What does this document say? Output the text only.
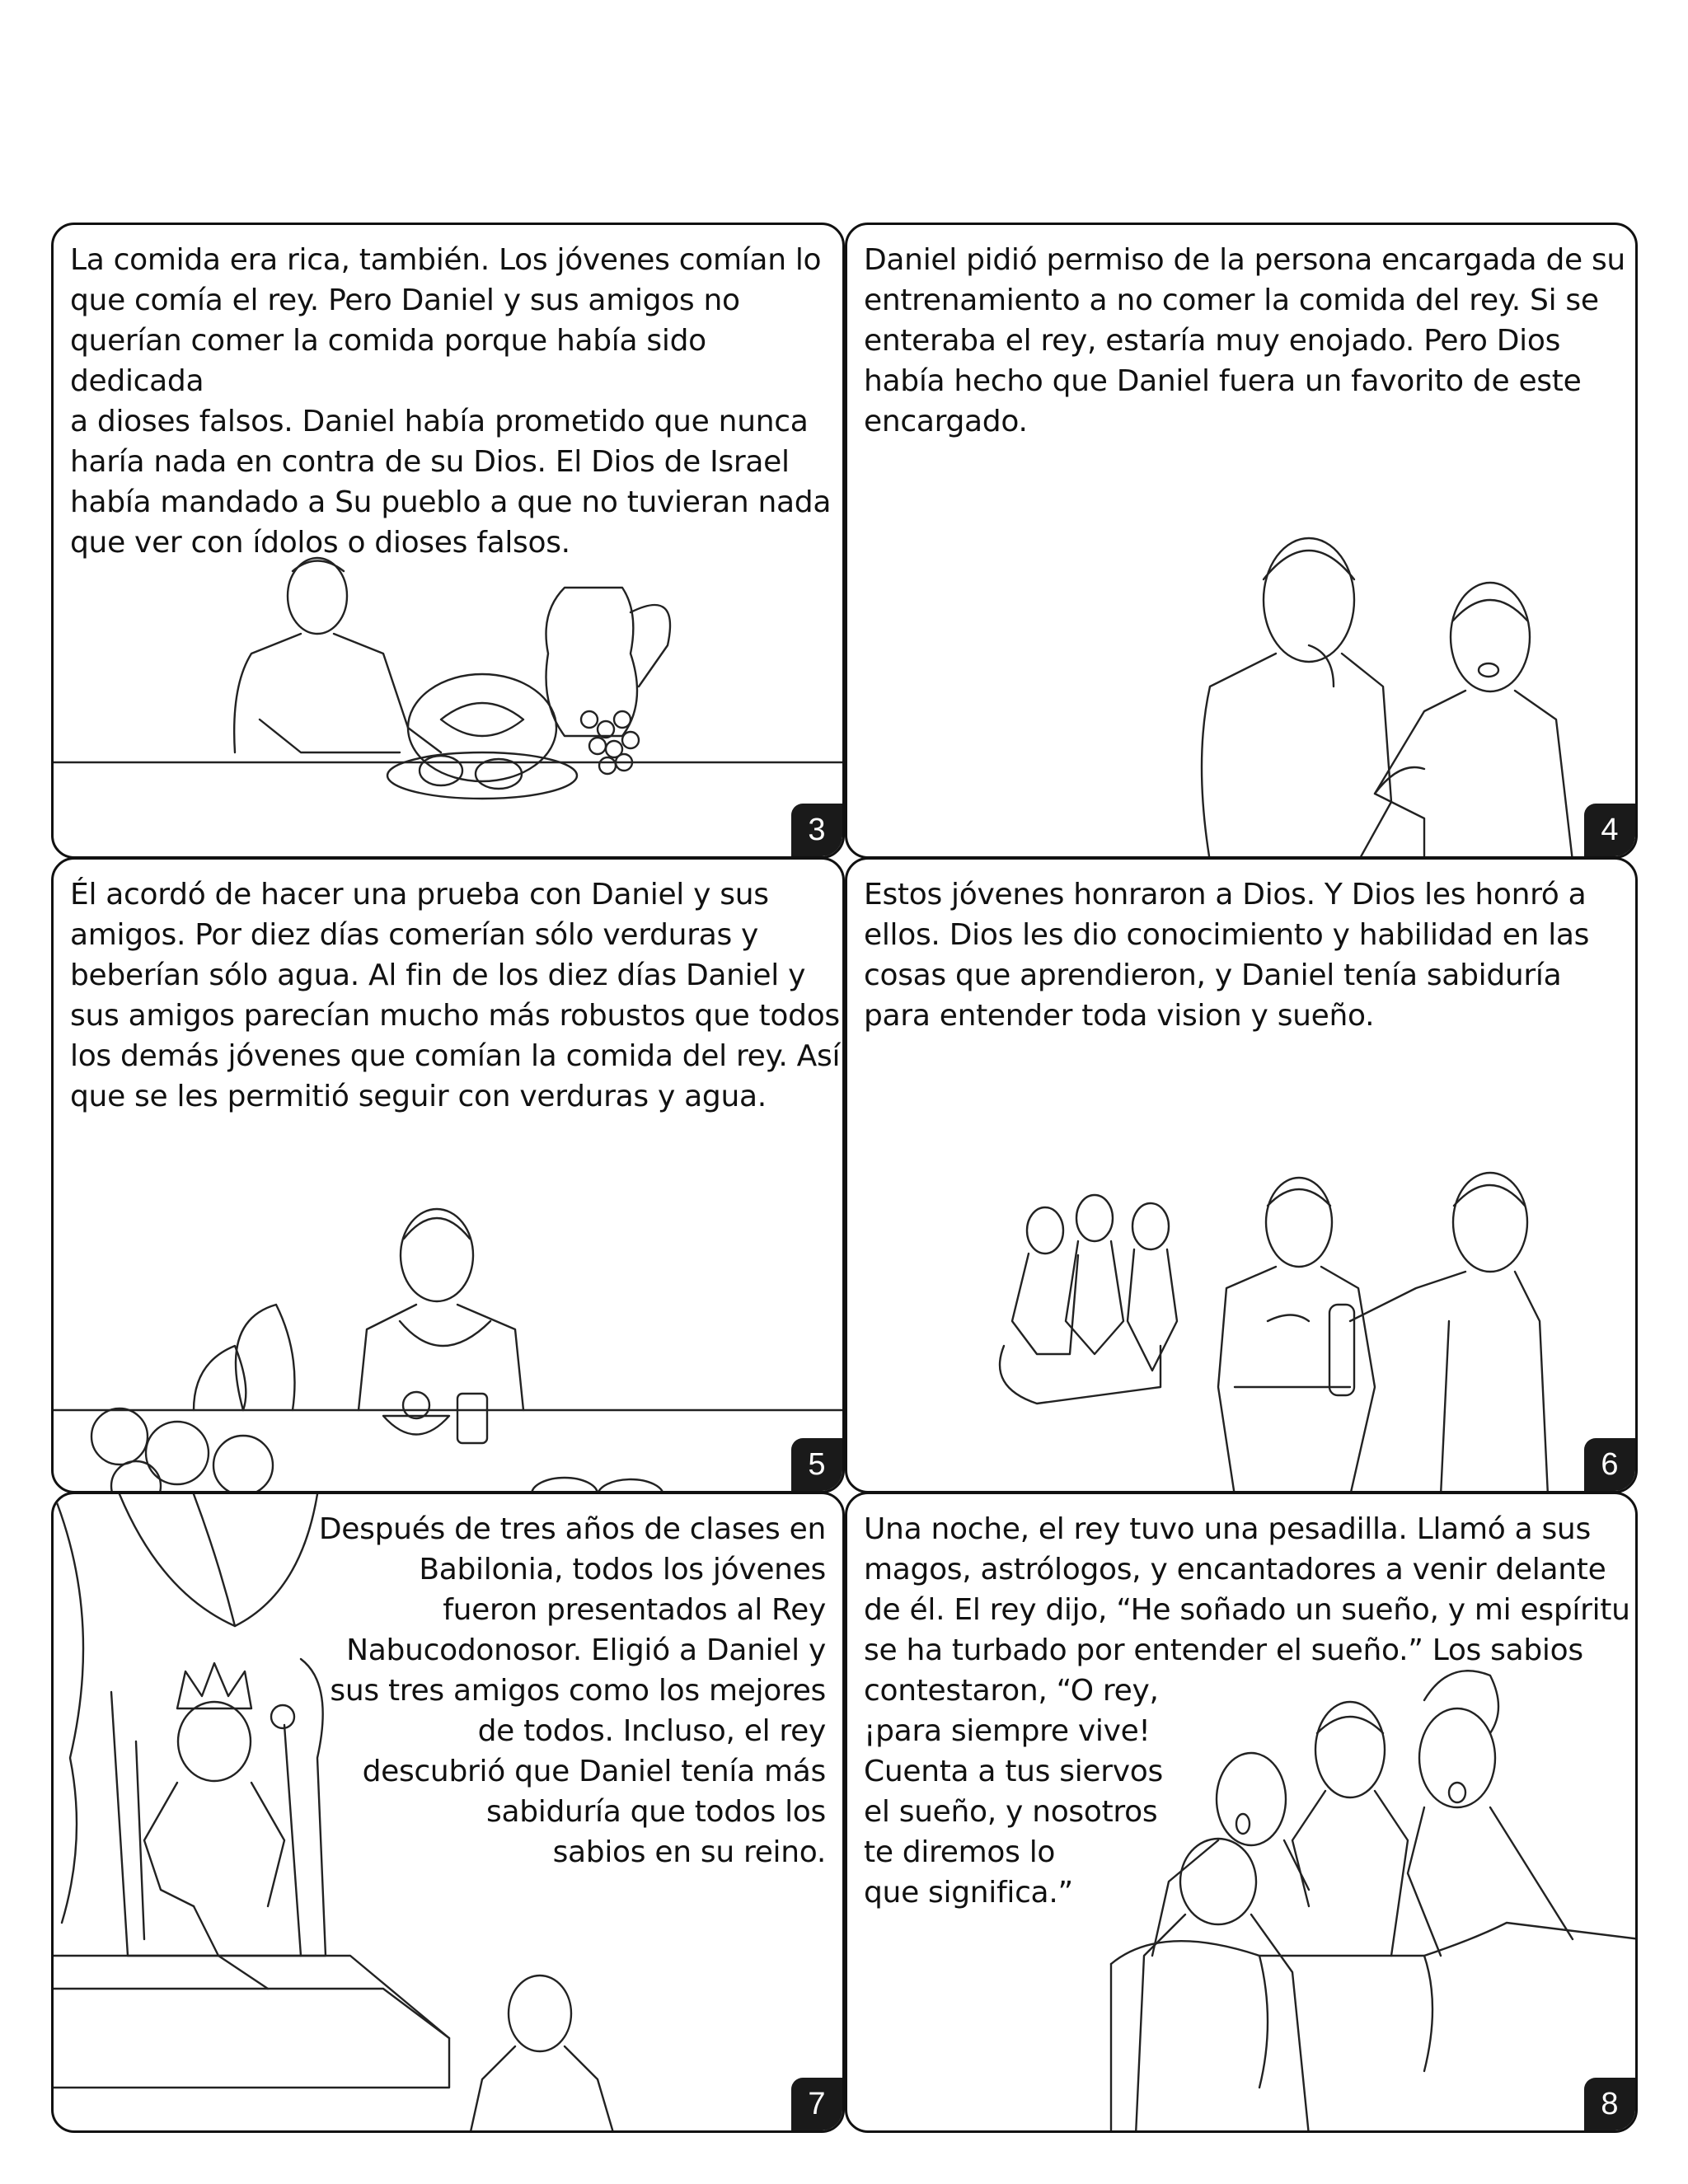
La comida era rica, también. Los jóvenes comían lo
que comía el rey. Pero Daniel y sus amigos no
querían comer la comida porque había sido dedicada
a dioses falsos. Daniel había prometido que nunca
haría nada en contra de su Dios. El Dios de Israel
había mandado a Su pueblo a que no tuvieran nada
que ver con ídolos o dioses falsos.
3
Daniel pidió permiso de la persona encargada de su
entrenamiento a no comer la comida del rey. Si se
enteraba el rey, estaría muy enojado. Pero Dios
había hecho que Daniel fuera un favorito de este
encargado.
4
Él acordó de hacer una prueba con Daniel y sus
amigos. Por diez días comerían sólo verduras y
beberían sólo agua. Al fin de los diez días Daniel y
sus amigos parecían mucho más robustos que todos
los demás jóvenes que comían la comida del rey. Así
que se les permitió seguir con verduras y agua.
5
Estos jóvenes honraron a Dios. Y Dios les honró a
ellos. Dios les dio conocimiento y habilidad en las
cosas que aprendieron, y Daniel tenía sabiduría
para entender toda vision y sueño.
6
Después de tres años de clases en
Babilonia, todos los jóvenes
fueron presentados al Rey
Nabucodonosor. Eligió a Daniel y
sus tres amigos como los mejores
de todos. Incluso, el rey
descubrió que Daniel tenía más
sabiduría que todos los
sabios en su reino.
7
Una noche, el rey tuvo una pesadilla. Llamó a sus
magos, astrólogos, y encantadores a venir delante
de él. El rey dijo, “He soñado un sueño, y mi espíritu
se ha turbado por entender el sueño.” Los sabios
contestaron, “O rey,
¡para siempre vive!
Cuenta a tus siervos
el sueño, y nosotros
te diremos lo
que significa.”
8
